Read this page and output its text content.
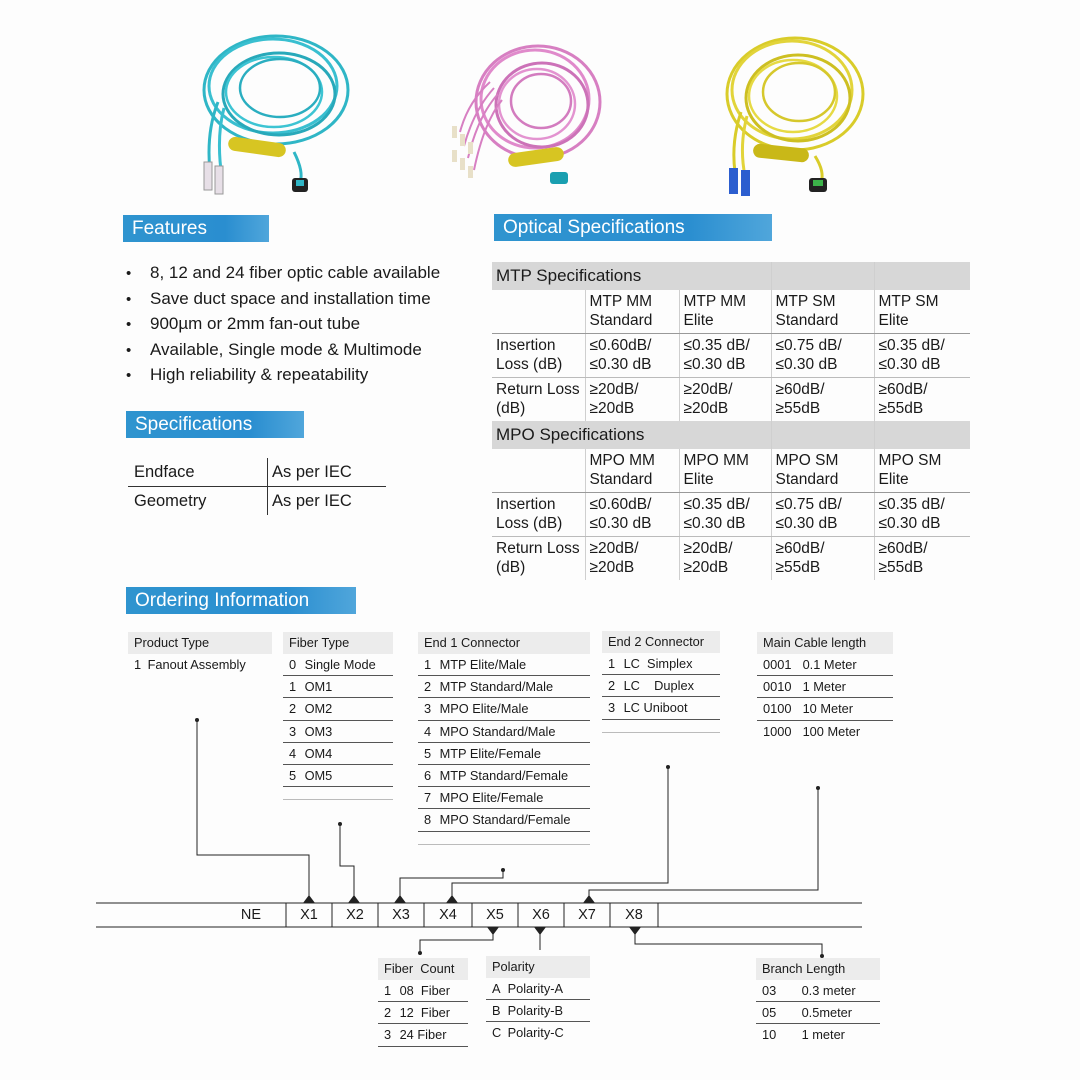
Features	Optical Specifications
Specifications
Ordering Information
• 8, 12 and 24 fiber optic cable available
• Save duct space and installation time
• 900µm or 2mm fan-out tube
• Available, Single mode & Multimode
• High reliability & repeatability
Endface	As per IEC
Geometry	As per IEC
MTP Specifications				
	MTP MM Standard	MTP MM Elite	MTP SM Standard	MTP SM Elite
Insertion Loss (dB)	≤0.60dB/ ≤0.30 dB	≤0.35 dB/ ≤0.30 dB	≤0.75 dB/ ≤0.30 dB	≤0.35 dB/ ≤0.30 dB
Return Loss (dB)	≥20dB/ ≥20dB	≥20dB/ ≥20dB	≥60dB/ ≥55dB	≥60dB/ ≥55dB
MPO Specifications				
	MPO MM Standard	MPO MM Elite	MPO SM Standard	MPO SM Elite
Insertion Loss (dB)	≤0.60dB/ ≤0.30 dB	≤0.35 dB/ ≤0.30 dB	≤0.75 dB/ ≤0.30 dB	≤0.35 dB/ ≤0.30 dB
Return Loss (dB)	≥20dB/ ≥20dB	≥20dB/ ≥20dB	≥60dB/ ≥55dB	≥60dB/ ≥55dB
NE	X1	X2	X3	X4	X5	X6	X7	X8
Product Type
1 Fanout Assembly
Fiber Type
0 Single Mode
1 OM1
2 OM2
3 OM3
4 OM4
5 OM5
End 1 Connector
1 MTP Elite/Male
2 MTP Standard/Male
3 MPO Elite/Male
4 MPO Standard/Male
5 MTP Elite/Female
6 MTP Standard/Female
7 MPO Elite/Female
8 MPO Standard/Female
End 2 Connector
1 LC  Simplex
2 LC    Duplex
3 LC Uniboot
Main Cable length
0001 0.1 Meter
0010 1 Meter
0100 10 Meter
1000 100 Meter
Fiber  Count
1 08  Fiber
2 12  Fiber
3 24 Fiber
Polarity
A Polarity-A
B Polarity-B
C Polarity-C
Branch Length
03 0.3 meter
05 0.5meter
10 1 meter
